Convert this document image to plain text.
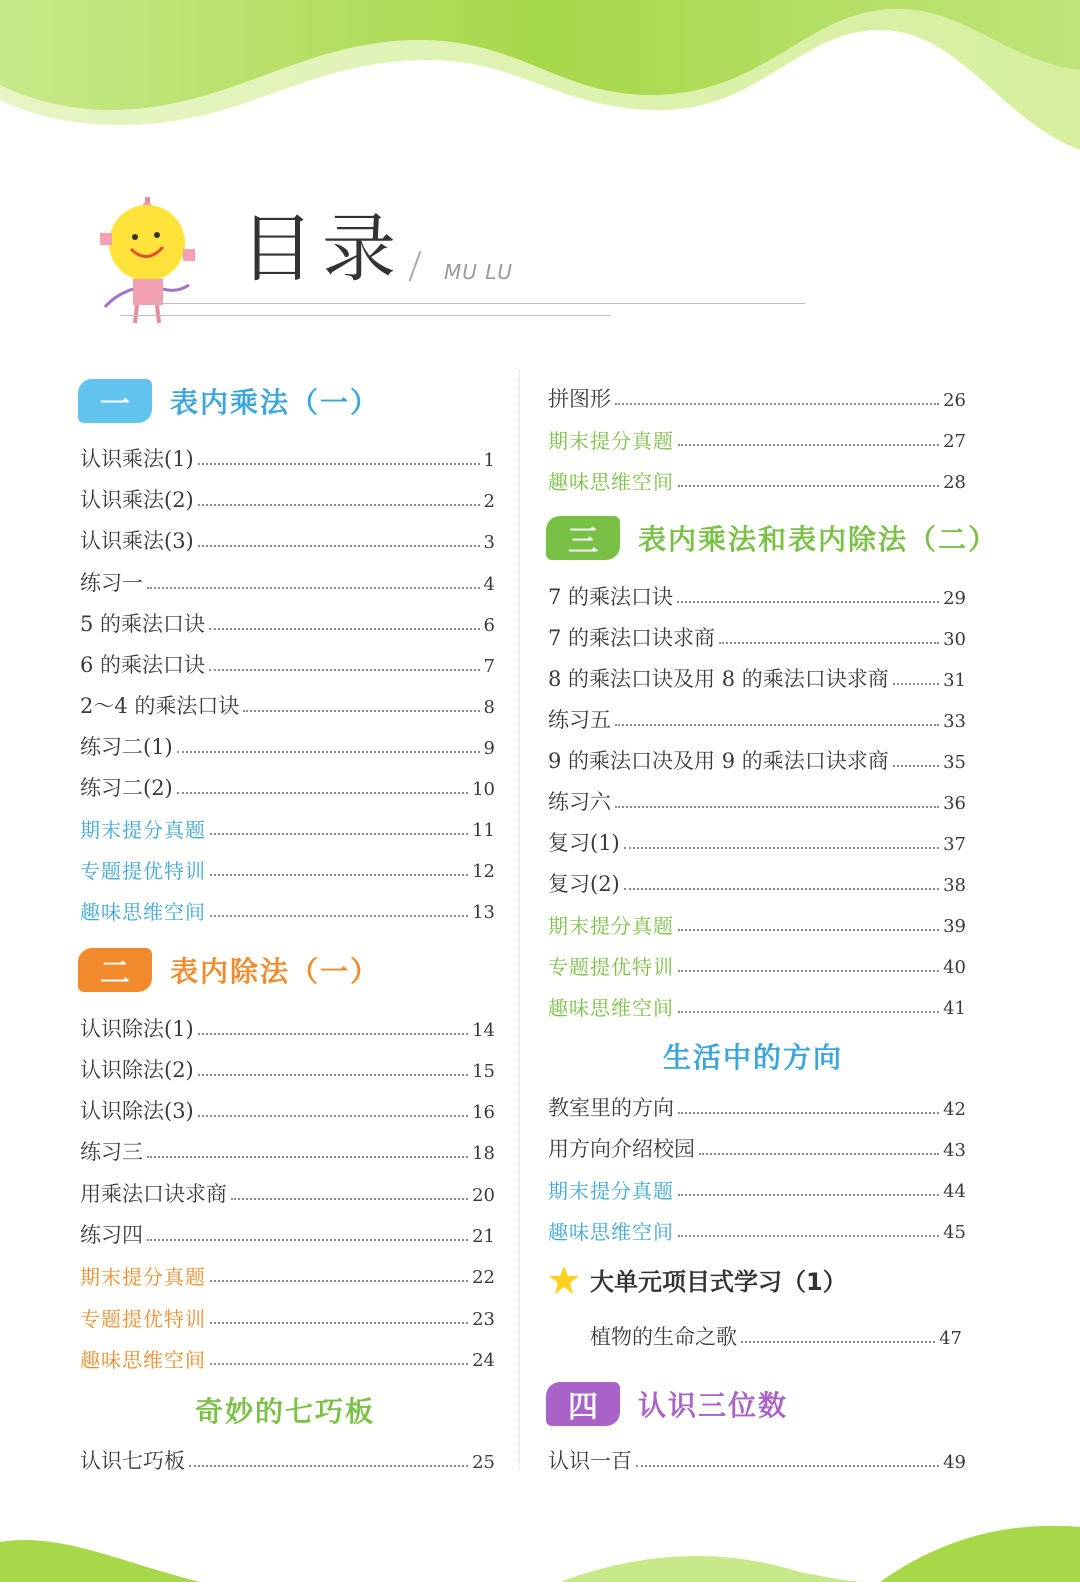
目录 MU LU
一	表内乘法（一）
认识乘法(1)	1
认识乘法(2)	2
认识乘法(3)	3
练习一	4
5 的乘法口诀	6
6 的乘法口诀	7
2～4 的乘法口诀	8
练习二(1)	9
练习二(2)	10
期末提分真题	11
专题提优特训	12
趣味思维空间	13
二	表内除法（一）
认识除法(1)	14
认识除法(2)	15
认识除法(3)	16
练习三	18
用乘法口诀求商	20
练习四	21
期末提分真题	22
专题提优特训	23
趣味思维空间	24
奇妙的七巧板
认识七巧板	25
拼图形	26
期末提分真题	27
趣味思维空间	28
三	表内乘法和表内除法（二）
7 的乘法口诀	29
7 的乘法口诀求商	30
8 的乘法口诀及用 8 的乘法口诀求商	31
练习五	33
9 的乘法口决及用 9 的乘法口诀求商	35
练习六	36
复习(1)	37
复习(2)	38
期末提分真题	39
专题提优特训	40
趣味思维空间	41
生活中的方向
教室里的方向	42
用方向介绍校园	43
期末提分真题	44
趣味思维空间	45
大单元项目式学习（1）
植物的生命之歌	47
四	认识三位数
认识一百	49
